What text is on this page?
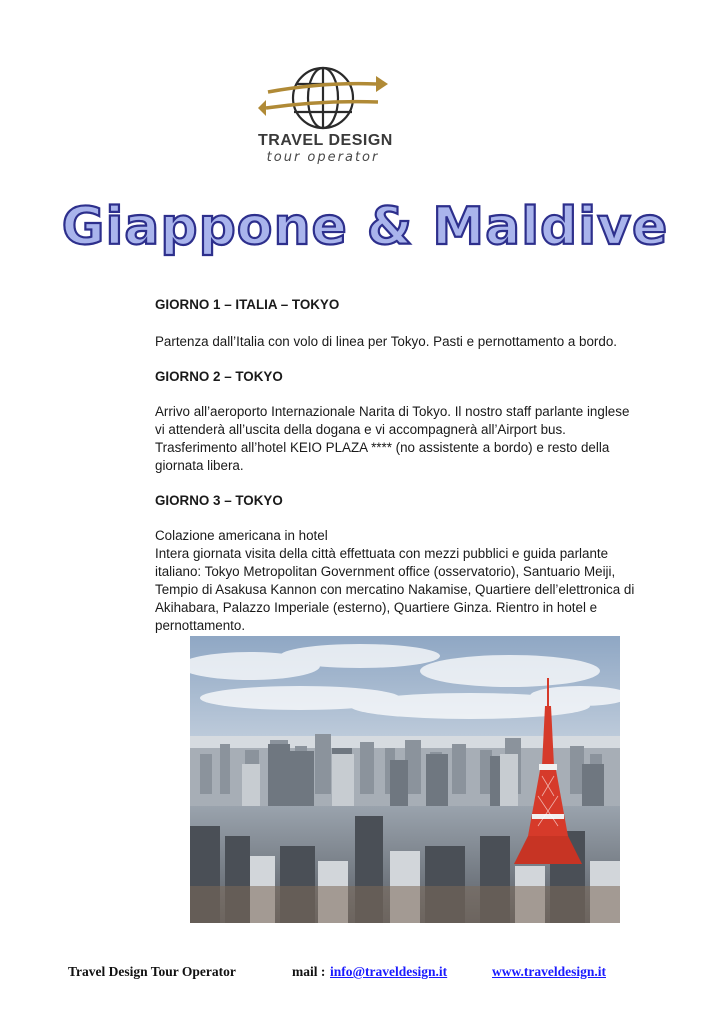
TRAVEL DESIGN
tour operator
Giappone & Maldive

GIORNO 1 – ITALIA – TOKYO

Partenza dall’Italia con volo di linea per Tokyo. Pasti e pernottamento a bordo.

GIORNO 2 – TOKYO

Arrivo all’aeroporto Internazionale Narita di Tokyo. Il nostro staff parlante inglese vi attenderà all’uscita della dogana e vi accompagnerà all’Airport bus. Trasferimento all’hotel KEIO PLAZA **** (no assistente a bordo) e resto della giornata libera.

GIORNO 3 – TOKYO

Colazione americana in hotel

Intera giornata visita della città effettuata con mezzi pubblici e guida parlante italiano: Tokyo Metropolitan Government office (osservatorio), Santuario Meiji, Tempio di Asakusa Kannon con mercatino Nakamise, Quartiere dell’elettronica di Akihabara, Palazzo Imperiale (esterno), Quartiere Ginza. Rientro in hotel e pernottamento.

Travel Design Tour Operator	mail : info@traveldesign.it	www.traveldesign.it
